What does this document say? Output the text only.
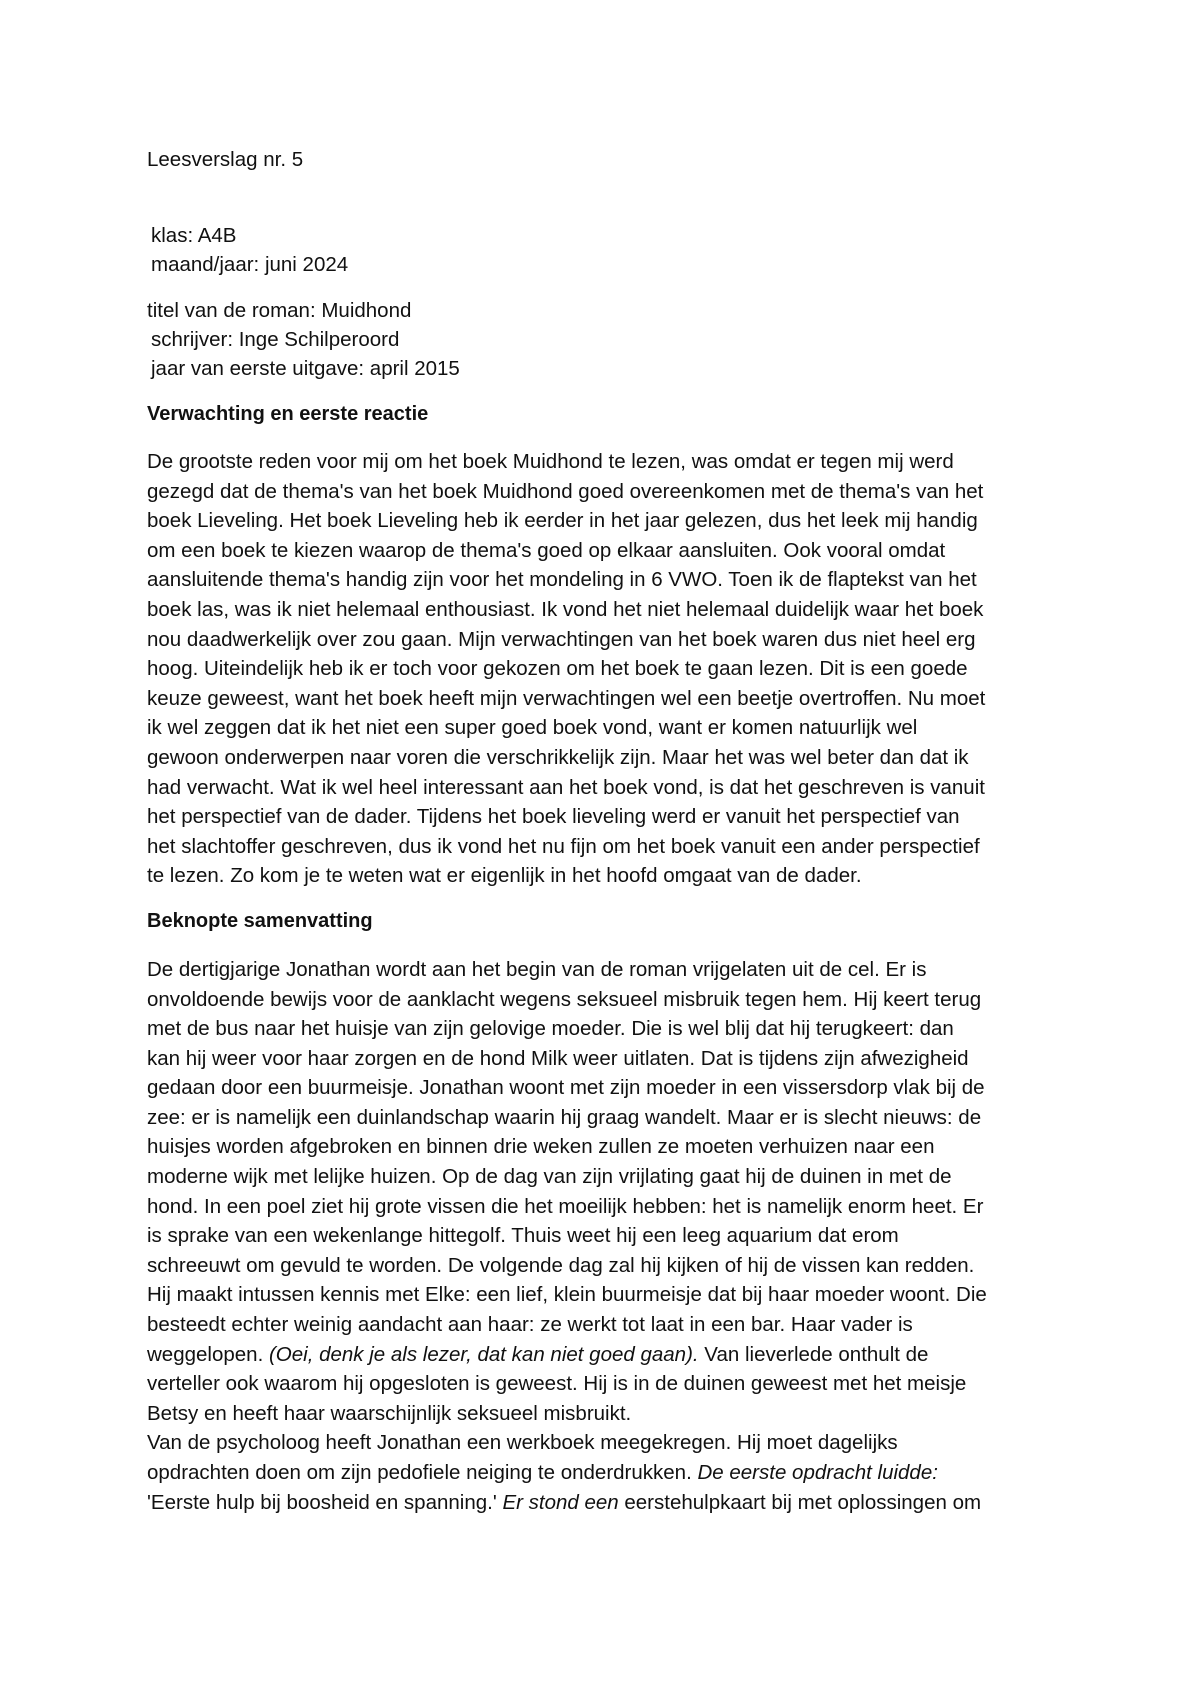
Leesverslag nr. 5

klas: A4B
maand/jaar: juni 2024
titel van de roman: Muidhond
schrijver: Inge Schilperoord
jaar van eerste uitgave: april 2015
Verwachting en eerste reactie

De grootste reden voor mij om het boek Muidhond te lezen, was omdat er tegen mij werd
gezegd dat de thema's van het boek Muidhond goed overeenkomen met de thema's van het
boek Lieveling. Het boek Lieveling heb ik eerder in het jaar gelezen, dus het leek mij handig
om een boek te kiezen waarop de thema's goed op elkaar aansluiten. Ook vooral omdat
aansluitende thema's handig zijn voor het mondeling in 6 VWO. Toen ik de flaptekst van het
boek las, was ik niet helemaal enthousiast. Ik vond het niet helemaal duidelijk waar het boek
nou daadwerkelijk over zou gaan. Mijn verwachtingen van het boek waren dus niet heel erg
hoog. Uiteindelijk heb ik er toch voor gekozen om het boek te gaan lezen. Dit is een goede
keuze geweest, want het boek heeft mijn verwachtingen wel een beetje overtroffen. Nu moet
ik wel zeggen dat ik het niet een super goed boek vond, want er komen natuurlijk wel
gewoon onderwerpen naar voren die verschrikkelijk zijn. Maar het was wel beter dan dat ik
had verwacht. Wat ik wel heel interessant aan het boek vond, is dat het geschreven is vanuit
het perspectief van de dader. Tijdens het boek lieveling werd er vanuit het perspectief van
het slachtoffer geschreven, dus ik vond het nu fijn om het boek vanuit een ander perspectief
te lezen. Zo kom je te weten wat er eigenlijk in het hoofd omgaat van de dader.

Beknopte samenvatting

De dertigjarige Jonathan wordt aan het begin van de roman vrijgelaten uit de cel. Er is
onvoldoende bewijs voor de aanklacht wegens seksueel misbruik tegen hem. Hij keert terug
met de bus naar het huisje van zijn gelovige moeder. Die is wel blij dat hij terugkeert: dan
kan hij weer voor haar zorgen en de hond Milk weer uitlaten. Dat is tijdens zijn afwezigheid
gedaan door een buurmeisje. Jonathan woont met zijn moeder in een vissersdorp vlak bij de
zee: er is namelijk een duinlandschap waarin hij graag wandelt. Maar er is slecht nieuws: de
huisjes worden afgebroken en binnen drie weken zullen ze moeten verhuizen naar een
moderne wijk met lelijke huizen. Op de dag van zijn vrijlating gaat hij de duinen in met de
hond. In een poel ziet hij grote vissen die het moeilijk hebben: het is namelijk enorm heet. Er
is sprake van een wekenlange hittegolf. Thuis weet hij een leeg aquarium dat erom
schreeuwt om gevuld te worden. De volgende dag zal hij kijken of hij de vissen kan redden.
Hij maakt intussen kennis met Elke: een lief, klein buurmeisje dat bij haar moeder woont. Die
besteedt echter weinig aandacht aan haar: ze werkt tot laat in een bar. Haar vader is
weggelopen. (Oei, denk je als lezer, dat kan niet goed gaan). Van lieverlede onthult de
verteller ook waarom hij opgesloten is geweest. Hij is in de duinen geweest met het meisje
Betsy en heeft haar waarschijnlijk seksueel misbruikt.
Van de psycholoog heeft Jonathan een werkboek meegekregen. Hij moet dagelijks
opdrachten doen om zijn pedofiele neiging te onderdrukken. De eerste opdracht luidde:
'Eerste hulp bij boosheid en spanning.' Er stond een eerstehulpkaart bij met oplossingen om
